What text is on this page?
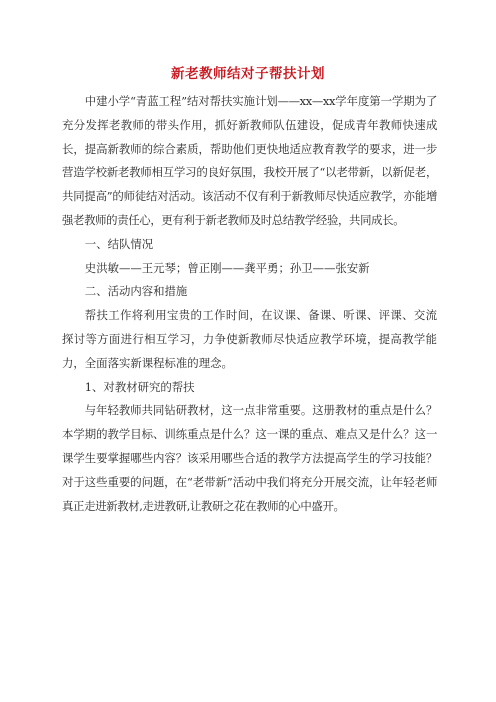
新老教师结对子帮扶计划

中建小学“青蓝工程”结对帮扶实施计划——xx—xx学年度第一学期为了充分发挥老教师的带头作用，抓好新教师队伍建设，促成青年教师快速成长，提高新教师的综合素质，帮助他们更快地适应教育教学的要求，进一步营造学校新老教师相互学习的良好氛围，我校开展了“以老带新，以新促老，共同提高”的师徒结对活动。该活动不仅有利于新教师尽快适应教学，亦能增强老教师的责任心，更有利于新老教师及时总结教学经验，共同成长。

一、结队情况

史洪敏——王元琴；曾正刚——龚平勇；孙卫——张安新

二、活动内容和措施

帮扶工作将利用宝贵的工作时间，在议课、备课、听课、评课、交流探讨等方面进行相互学习，力争使新教师尽快适应教学环境，提高教学能力，全面落实新课程标准的理念。

1、对教材研究的帮扶

与年轻教师共同钻研教材，这一点非常重要。这册教材的重点是什么？本学期的教学目标、训练重点是什么？这一课的重点、难点又是什么？这一课学生要掌握哪些内容？该采用哪些合适的教学方法提高学生的学习技能？对于这些重要的问题，在“老带新”活动中我们将充分开展交流，让年轻老师真正走进新教材,走进教研,让教研之花在教师的心中盛开。
